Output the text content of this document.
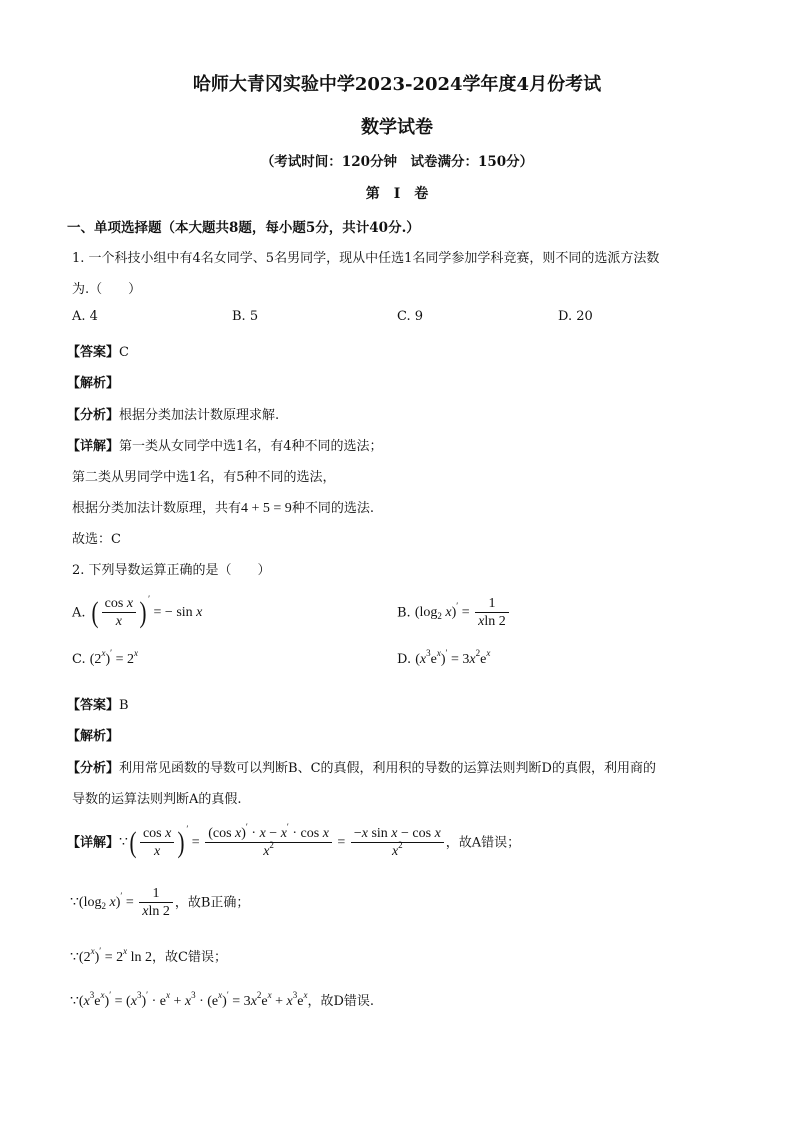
哈师大青冈实验中学2023-2024学年度4月份考试
数学试卷
（考试时间：120分钟　试卷满分：150分）
第　Ⅰ　卷
一、单项选择题（本大题共8题，每小题5分，共计40分.）
1. 一个科技小组中有4名女同学、5名男同学，现从中任选1名同学参加学科竞赛，则不同的选派方法数
为.（　　）
A. 4	B. 5	C. 9	D. 20
【答案】C
【解析】
【分析】根据分类加法计数原理求解.
【详解】第一类从女同学中选1名，有4种不同的选法；
第二类从男同学中选1名，有5种不同的选法，
根据分类加法计数原理，共有4 + 5 = 9种不同的选法.
故选：C
2. 下列导数运算正确的是（　　）
A. ( $\frac{\text{cos x}}{x}$ ) ′ = − sin x	B. ($\log_2$ $x)' = \frac{1}{xln 2}$
C. $(2^x)' = 2^x$	D. $(x^3e^x)' = 3x^2e^x$
【答案】B
【解析】
【分析】利用常见函数的导数可以判断B、C的真假，利用积的导数的运算法则判断D的真假，利用商的
导数的运算法则判断A的真假.
【详解】∵( $\frac{\text{cos x}}{x}$ ) $' = \frac{(\cos x)' \cdot x - x' \cdot \cos x}{x^2} = \frac{\text{−x sin x − cos x}}{x^2}$ ，故A错误；
$\because(\log_2$ $x)' = \frac{1}{xln 2}$ ，故B正确；
$\because(2^x)' = 2^x$ ln 2，故C错误；
$\because(x^3e^x)' = (x^3)' \cdot e^x + x^3 \cdot (e^x)' = 3x^2e^x + x^3e^x$，故D错误.
